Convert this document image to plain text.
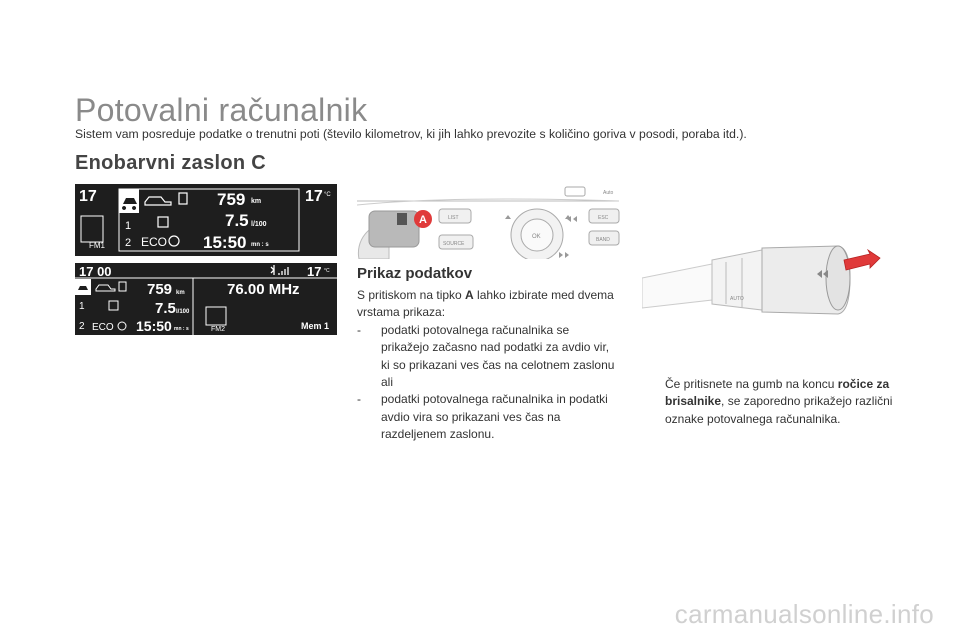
Potovalni računalnik
Sistem vam posreduje podatke o trenutni poti (število kilometrov, ki jih lahko prevozite s količino goriva v posodi, poraba itd.).
Enobarvni zaslon C
17	17 °C
1
2
759 km
7.5 l/100
ECO 15:50 mn : s
FM1
17 00	17 °C
1
2
759 km
7.5 l/100
ECO 15:50 mn : s
76.00 MHz
FM2	Mem 1
Auto
A	LIST
SOURCE
OK
ESC
BAND
AUTO
Prikaz podatkov

S pritiskom na tipko A lahko izbirate med dvema vrstama prikaza:

-	podatki potovalnega računalnika se prikažejo začasno nad podatki za avdio vir, ki so prikazani ves čas na celotnem zaslonu
ali
-	podatki potovalnega računalnika in podatki avdio vira so prikazani ves čas na razdeljenem zaslonu.
Če pritisnete na gumb na koncu ročice za brisalnike, se zaporedno prikažejo različni oznake potovalnega računalnika.
carmanualsonline.info
